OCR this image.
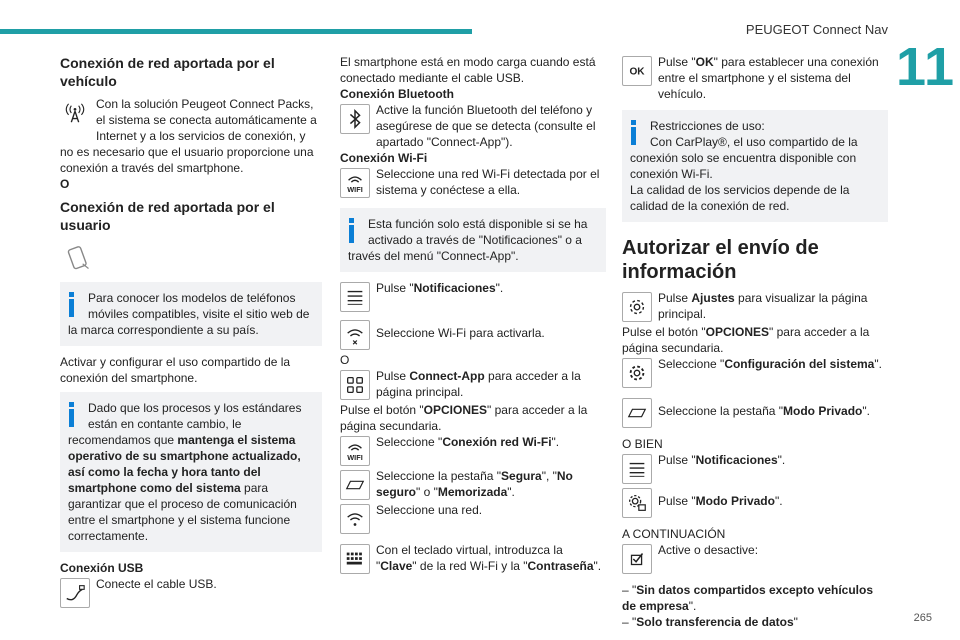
PEUGEOT Connect Nav
11
Conexión de red aportada por el vehículo

Con la solución Peugeot Connect Packs, el sistema se conecta automáticamente a Internet y a los servicios de conexión, y no es necesario que el usuario proporcione una conexión a través del smartphone.

O

Conexión de red aportada por el usuario

Para conocer los modelos de teléfonos móviles compatibles, visite el sitio web de la marca correspondiente a su país.

Activar y configurar el uso compartido de la conexión del smartphone.

Dado que los procesos y los estándares están en contante cambio, le recomendamos que mantenga el sistema operativo de su smartphone actualizado, así como la fecha y hora tanto del smartphone como del sistema para garantizar que el proceso de comunicación entre el smartphone y el sistema funcione correctamente.

Conexión USB

Conecte el cable USB.

El smartphone está en modo carga cuando está conectado mediante el cable USB.

Conexión Bluetooth

Active la función Bluetooth del teléfono y asegúrese de que se detecta (consulte el apartado "Connect-App").

Conexión Wi-Fi

WIFI

Seleccione una red Wi-Fi detectada por el sistema y conéctese a ella.

Esta función solo está disponible si se ha activado a través de "Notificaciones" o a través del menú "Connect-App".

Pulse "Notificaciones".

Seleccione Wi-Fi para activarla.

O

Pulse Connect-App para acceder a la página principal.

Pulse el botón "OPCIONES" para acceder a la página secundaria.

WIFI

Seleccione "Conexión red Wi-Fi".

Seleccione la pestaña "Segura", "No seguro" o "Memorizada".

Seleccione una red.

Con el teclado virtual, introduzca la "Clave" de la red Wi-Fi y la "Contraseña".

OK

Pulse "OK" para establecer una conexión entre el smartphone y el sistema del vehículo.

Restricciones de uso:

Con CarPlay®, el uso compartido de la conexión solo se encuentra disponible con conexión Wi-Fi.

La calidad de los servicios depende de la calidad de la conexión de red.

Autorizar el envío de información

Pulse Ajustes para visualizar la página principal.

Pulse el botón "OPCIONES" para acceder a la página secundaria.

Seleccione "Configuración del sistema".

Seleccione la pestaña "Modo Privado".

O BIEN

Pulse "Notificaciones".

Pulse "Modo Privado".

A CONTINUACIÓN

Active o desactive:

– "Sin datos compartidos excepto vehículos de empresa".

– "Solo transferencia de datos"	265
